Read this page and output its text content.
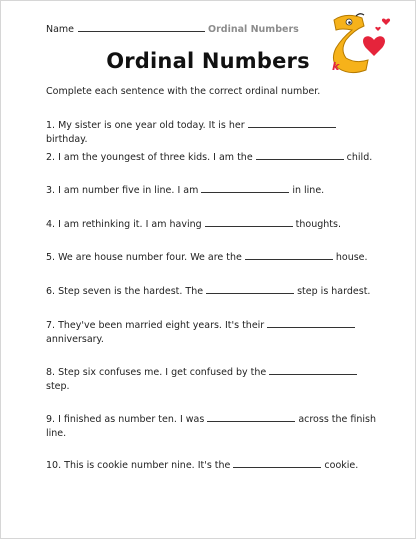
Name	Ordinal Numbers
Ordinal Numbers	k
Complete each sentence with the correct ordinal number.
1. My sister is one year old today. It is herbirthday.
2. I am the youngest of three kids. I am the	child.
3. I am number five in line. I am	in line.
4. I am rethinking it. I am having	thoughts.
5. We are house number four. We are the	house.
6. Step seven is the hardest. The	step is hardest.
7. They've been married eight years. It's theiranniversary.
8. Step six confuses me. I get confused by thestep.
9. I finished as number ten. I was	across the finish line.
10. This is cookie number nine. It's the	cookie.
